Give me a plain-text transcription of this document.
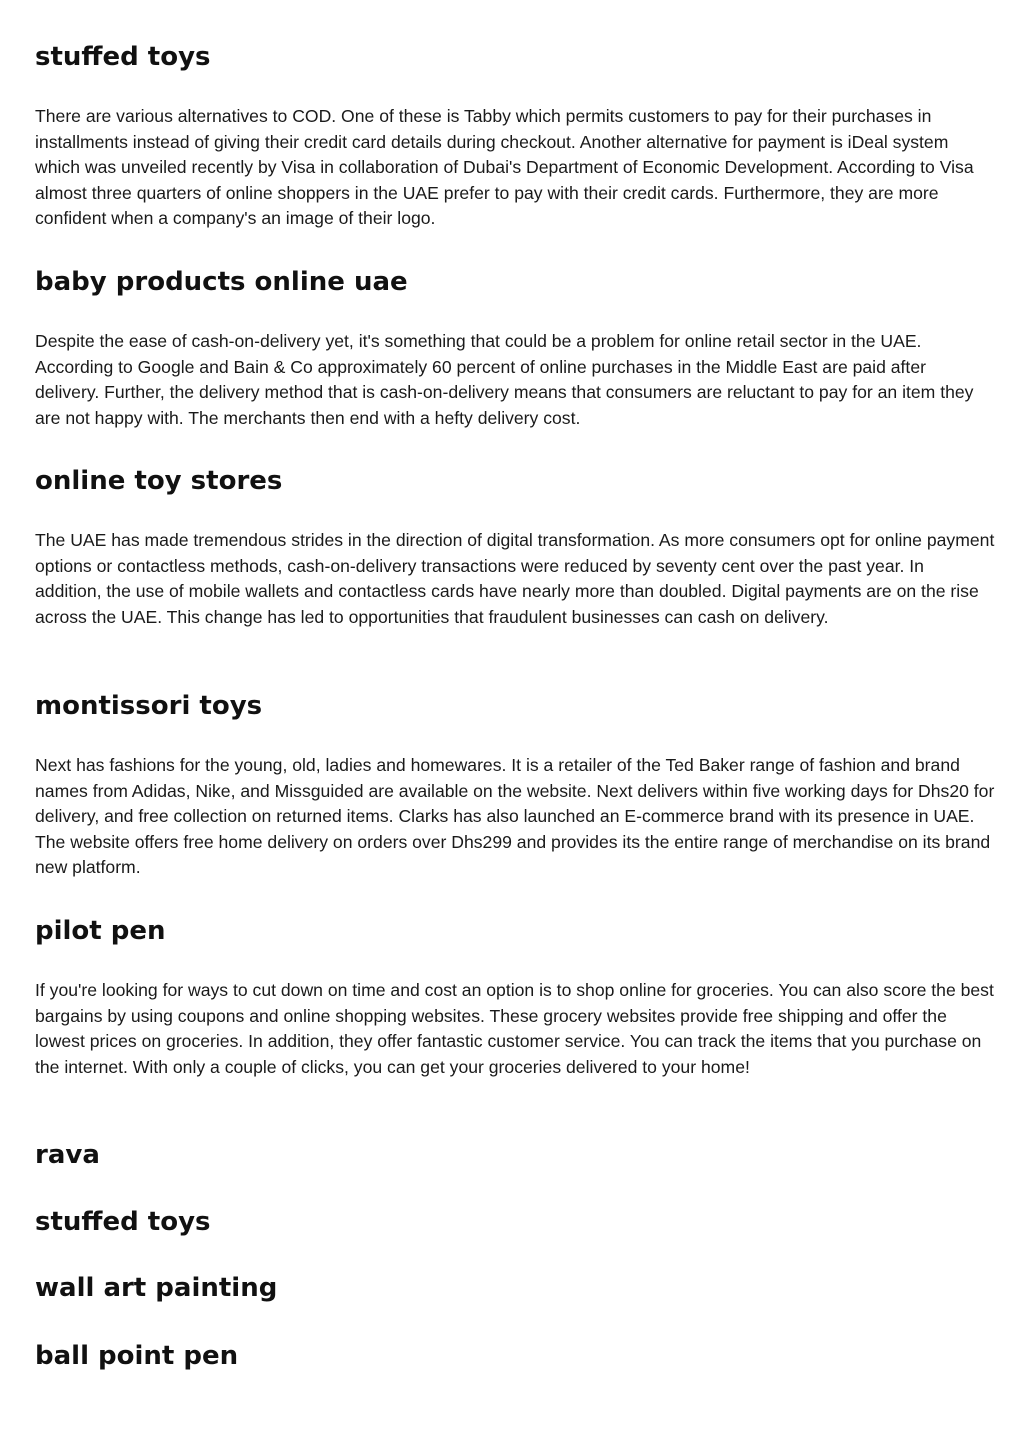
stuffed toys

There are various alternatives to COD. One of these is Tabby which permits customers to pay for their purchases in installments instead of giving their credit card details during checkout. Another alternative for payment is iDeal system which was unveiled recently by Visa in collaboration of Dubai's Department of Economic Development. According to Visa almost three quarters of online shoppers in the UAE prefer to pay with their credit cards. Furthermore, they are more confident when a company's an image of their logo.

baby products online uae

Despite the ease of cash-on-delivery yet, it's something that could be a problem for online retail sector in the UAE. According to Google and Bain & Co approximately 60 percent of online purchases in the Middle East are paid after delivery. Further, the delivery method that is cash-on-delivery means that consumers are reluctant to pay for an item they are not happy with. The merchants then end with a hefty delivery cost.

online toy stores

The UAE has made tremendous strides in the direction of digital transformation. As more consumers opt for online payment options or contactless methods, cash-on-delivery transactions were reduced by seventy cent over the past year. In addition, the use of mobile wallets and contactless cards have nearly more than doubled. Digital payments are on the rise across the UAE. This change has led to opportunities that fraudulent businesses can cash on delivery.

montissori toys

Next has fashions for the young, old, ladies and homewares. It is a retailer of the Ted Baker range of fashion and brand names from Adidas, Nike, and Missguided are available on the website. Next delivers within five working days for Dhs20 for delivery, and free collection on returned items. Clarks has also launched an E-commerce brand with its presence in UAE. The website offers free home delivery on orders over Dhs299 and provides its the entire range of merchandise on its brand new platform.

pilot pen

If you're looking for ways to cut down on time and cost an option is to shop online for groceries. You can also score the best bargains by using coupons and online shopping websites. These grocery websites provide free shipping and offer the lowest prices on groceries. In addition, they offer fantastic customer service. You can track the items that you purchase on the internet. With only a couple of clicks, you can get your groceries delivered to your home!

rava
stuffed toys
wall art painting
ball point pen
